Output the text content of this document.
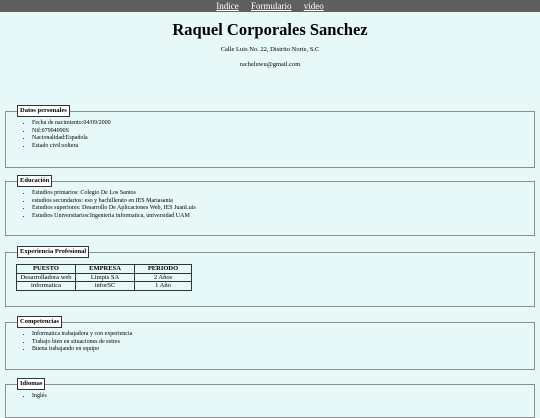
Indice Formulario video
Raquel Corporales Sanchez

Calle Luis No. 22, Distrito Norte, S.C

racheluwu@gmail.com

Datos personales
• Fecha de nacimiento:04/09/2000
• Nif:07904090S
• Nacionalidad:Española
• Estado civil:soltera
Educación
• Estudios primarios: Colegio De Los Santos
• estudios secundarios: eso y bachillerato en IES Mariasanta
• Estudios superiores: Desarrollo De Aplicaciones Web, IES JuanLuis
• Estudios Universitarios:Ingenieria informatica, universidad UAM
Experiencia Profesional
PUESTO	EMPRESA	PERIODO
Desarrolladora web	Limpis SA	2 Años
informatica	inforSC	1 Año
Competencias
• Informatica trabajadora y con experiencia
• Trabajo bien en situaciones de estres
• Buena trabajando en equipo
Idiomas
• Inglés
